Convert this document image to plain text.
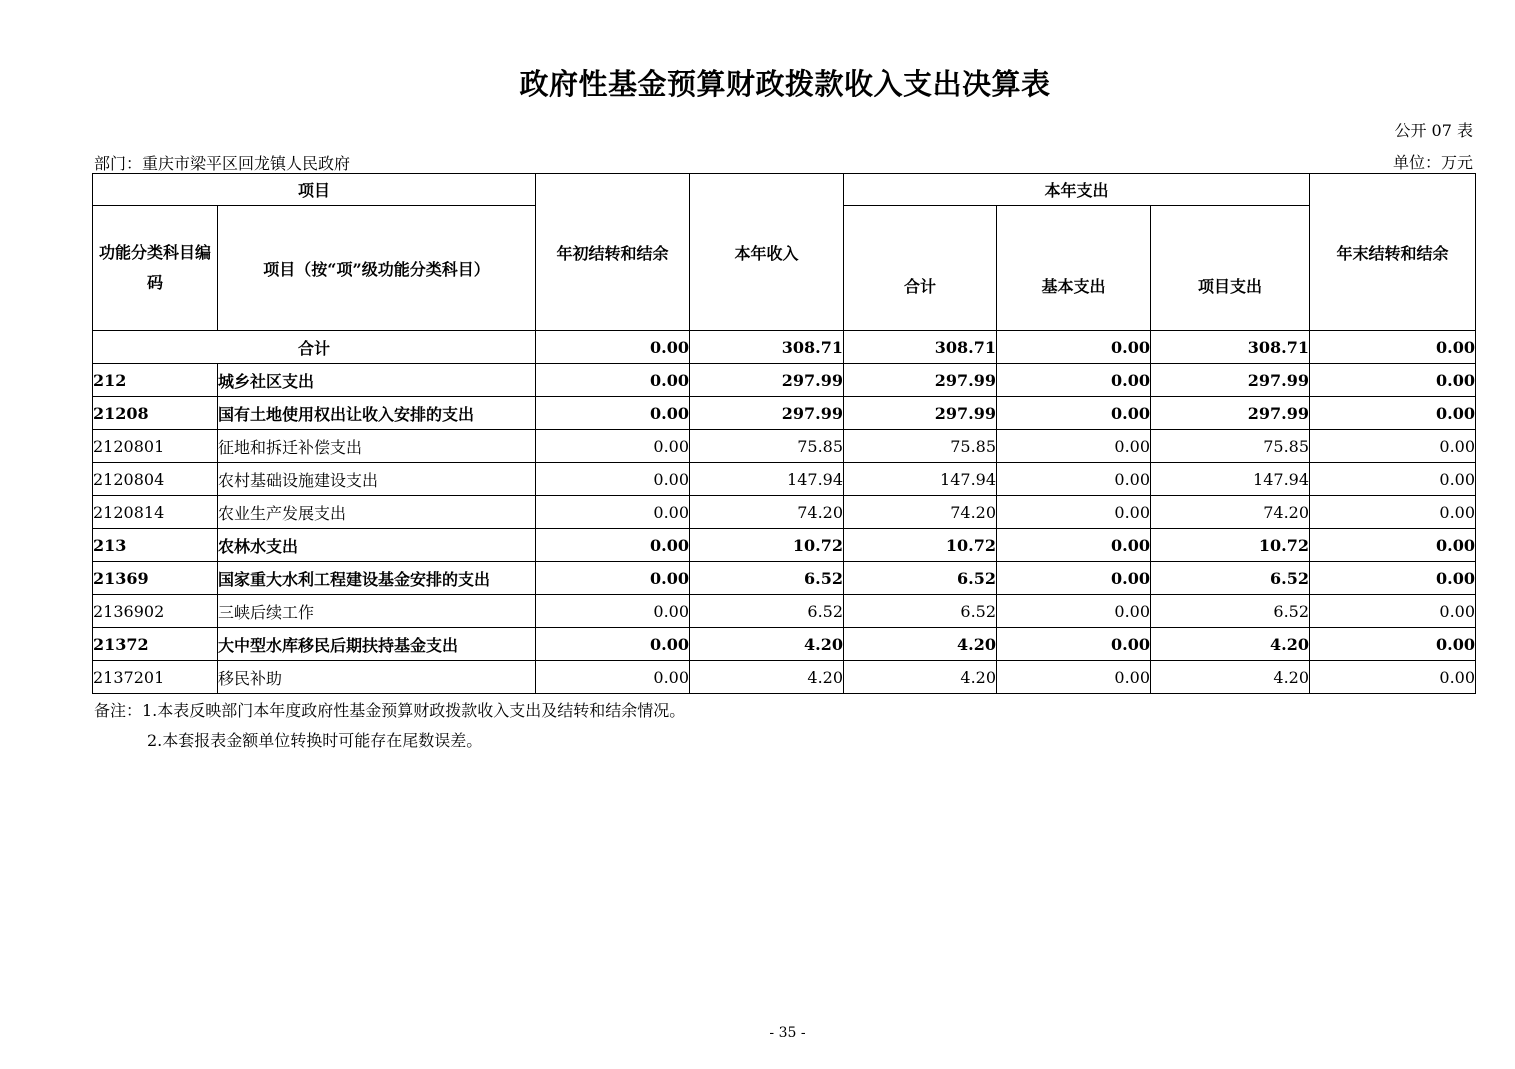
政府性基金预算财政拨款收入支出决算表
公开 07 表
部门：重庆市梁平区回龙镇人民政府	单位：万元
项目		年初结转和结余	本年收入	本年支出			年末结转和结余
功能分类科目编码	项目（按“项”级功能分类科目）			合计	基本支出	项目支出	
合计		0.00	308.71	308.71	0.00	308.71	0.00
212	城乡社区支出	0.00	297.99	297.99	0.00	297.99	0.00
21208	国有土地使用权出让收入安排的支出	0.00	297.99	297.99	0.00	297.99	0.00
2120801	征地和拆迁补偿支出	0.00	75.85	75.85	0.00	75.85	0.00
2120804	农村基础设施建设支出	0.00	147.94	147.94	0.00	147.94	0.00
2120814	农业生产发展支出	0.00	74.20	74.20	0.00	74.20	0.00
213	农林水支出	0.00	10.72	10.72	0.00	10.72	0.00
21369	国家重大水利工程建设基金安排的支出	0.00	6.52	6.52	0.00	6.52	0.00
2136902	三峡后续工作	0.00	6.52	6.52	0.00	6.52	0.00
21372	大中型水库移民后期扶持基金支出	0.00	4.20	4.20	0.00	4.20	0.00
2137201	移民补助	0.00	4.20	4.20	0.00	4.20	0.00
备注：1.本表反映部门本年度政府性基金预算财政拨款收入支出及结转和结余情况。
2.本套报表金额单位转换时可能存在尾数误差。
- 35 -
